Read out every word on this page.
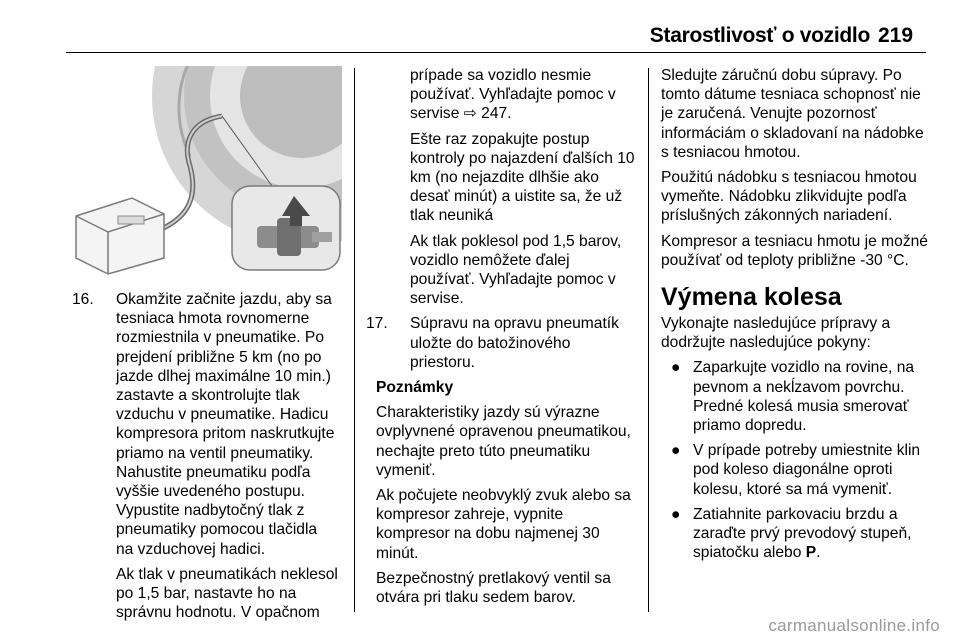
Starostlivosť o vozidlo 219
16. Okamžite začnite jazdu, aby sa tesniaca hmota rovnomerne rozmiestnila v pneumatike. Po prejdení približne 5 km (no po jazde dlhej maximálne 10 min.) zastavte a skontrolujte tlak vzduchu v pneumatike. Hadicu kompresora pritom naskrutkujte priamo na ventil pneumatiky. Nahustite pneumatiku podľa vyššie uvedeného postupu. Vypustite nadbytočný tlak z pneumatiky pomocou tlačidla na vzduchovej hadici.

Ak tlak v pneumatikách neklesol po 1,5 bar, nastavte ho na správnu hodnotu. V opačnom

prípade sa vozidlo nesmie používať. Vyhľadajte pomoc v servise ⇨ 247.

Ešte raz zopakujte postup kontroly po najazdení ďalších 10 km (no nejazdite dlhšie ako desať minút) a uistite sa, že už tlak neuniká

Ak tlak poklesol pod 1,5 barov, vozidlo nemôžete ďalej používať. Vyhľadajte pomoc v servise.

17. Súpravu na opravu pneumatík uložte do batožinového priestoru.

Poznámky

Charakteristiky jazdy sú výrazne ovplyvnené opravenou pneumatikou, nechajte preto túto pneumatiku vymeniť.

Ak počujete neobvyklý zvuk alebo sa kompresor zahreje, vypnite kompresor na dobu najmenej 30 minút.

Bezpečnostný pretlakový ventil sa otvára pri tlaku sedem barov.

Sledujte záručnú dobu súpravy. Po tomto dátume tesniaca schopnosť nie je zaručená. Venujte pozornosť informáciám o skladovaní na nádobke s tesniacou hmotou.

Použitú nádobku s tesniacou hmotou vymeňte. Nádobku zlikvidujte podľa príslušných zákonných nariadení.

Kompresor a tesniacu hmotu je možné používať od teploty približne -30 °C.

Výmena kolesa

Vykonajte nasledujúce prípravy a dodržujte nasledujúce pokyny:

● Zaparkujte vozidlo na rovine, na pevnom a nekĺzavom povrchu. Predné kolesá musia smerovať priamo dopredu.
● V prípade potreby umiestnite klin pod koleso diagonálne oproti kolesu, ktoré sa má vymeniť.
● Zatiahnite parkovaciu brzdu a zaraďte prvý prevodový stupeň, spiatočku alebo P.
carmanualsonline.info
